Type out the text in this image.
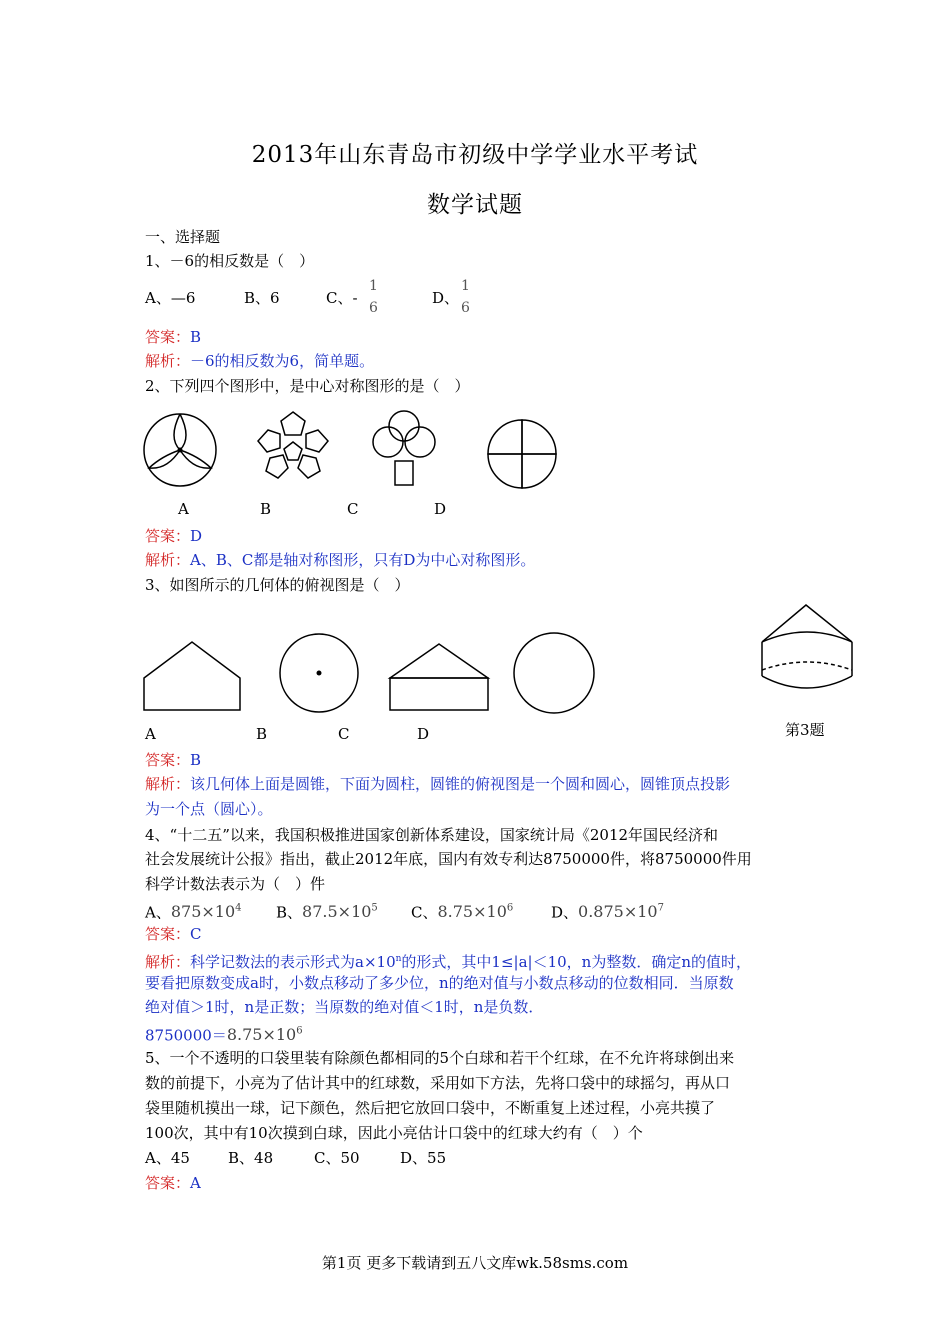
2013年山东青岛市初级中学学业水平考试
数学试题
一、选择题
1、－6的相反数是（　）
A、—6	B、6	C、-	D、
1
6
1
6
答案：B
解析：－6的相反数为6，简单题。
2、下列四个图形中，是中心对称图形的是（　）
A	B	C	D
答案：D
解析：A、B、C都是轴对称图形，只有D为中心对称图形。
3、如图所示的几何体的俯视图是（　）
A	B	C	D	第3题
答案：B
解析：该几何体上面是圆锥，下面为圆柱，圆锥的俯视图是一个圆和圆心，圆锥顶点投影
为一个点（圆心）。
4、“十二五”以来，我国积极推进国家创新体系建设，国家统计局《2012年国民经济和
社会发展统计公报》指出，截止2012年底，国内有效专利达8750000件，将8750000件用
科学计数法表示为（　）件
A、$875\times 10^4$ B、$87.5\times 10^5$ C、$8.75\times 10^6$	D、$0.875\times 10^7$
答案：C
解析：科学记数法的表示形式为$a\times 10^n$的形式，其中1≤|a|＜10，n为整数．确定n的值时，
要看把原数变成a时，小数点移动了多少位，n的绝对值与小数点移动的位数相同．当原数
绝对值＞1时，n是正数；当原数的绝对值＜1时，n是负数．
$8750000=8.75\times 10^6$
5、一个不透明的口袋里装有除颜色都相同的5个白球和若干个红球，在不允许将球倒出来
数的前提下，小亮为了估计其中的红球数，采用如下方法，先将口袋中的球摇匀，再从口
袋里随机摸出一球，记下颜色，然后把它放回口袋中，不断重复上述过程，小亮共摸了
100次，其中有10次摸到白球，因此小亮估计口袋中的红球大约有（　）个
A、45	B、48	C、50	D、55
答案：A
第1页 更多下载请到五八文库wk.58sms.com
